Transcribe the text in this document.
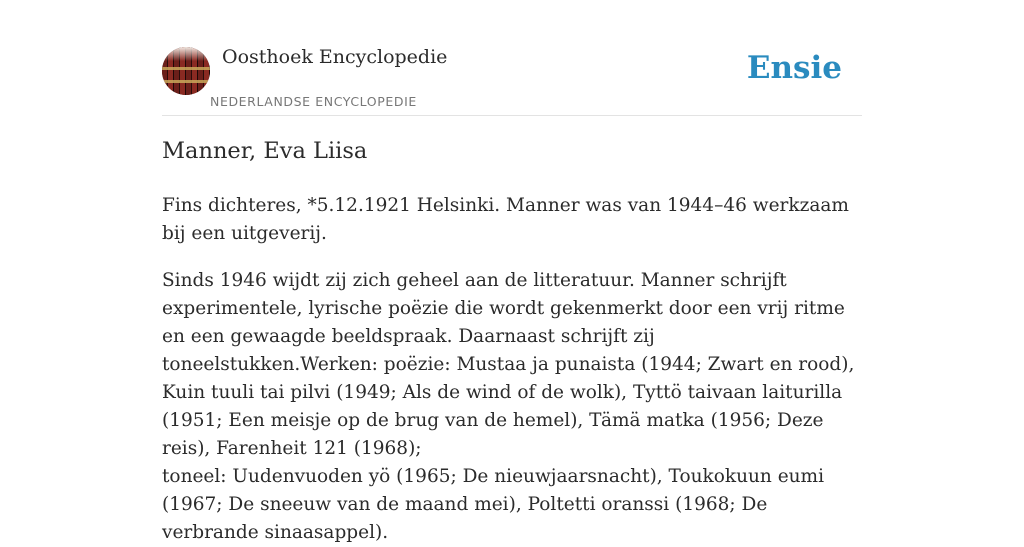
Oosthoek Encyclopedie
NEDERLANDSE ENCYCLOPEDIE
Ensie
Manner, Eva Liisa

Fins dichteres, *5.12.1921 Helsinki. Manner was van 1944–46 werkzaam bij een uitgeverij.

Sinds 1946 wijdt zij zich geheel aan de litteratuur. Manner schrijft experimentele, lyrische poëzie die wordt gekenmerkt door een vrij ritme en een gewaagde beeldspraak. Daarnaast schrijft zij toneelstukken.Werken: poëzie: Mustaa ja punaista (1944; Zwart en rood), Kuin tuuli tai pilvi (1949; Als de wind of de wolk), Tyttö taivaan laiturilla (1951; Een meisje op de brug van de hemel), Tämä matka (1956; Deze reis), Farenheit 121 (1968);

toneel: Uudenvuoden yö (1965; De nieuwjaarsnacht), Toukokuun eumi (1967; De sneeuw van de maand mei), Poltetti oranssi (1968; De verbrande sinaasappel).
